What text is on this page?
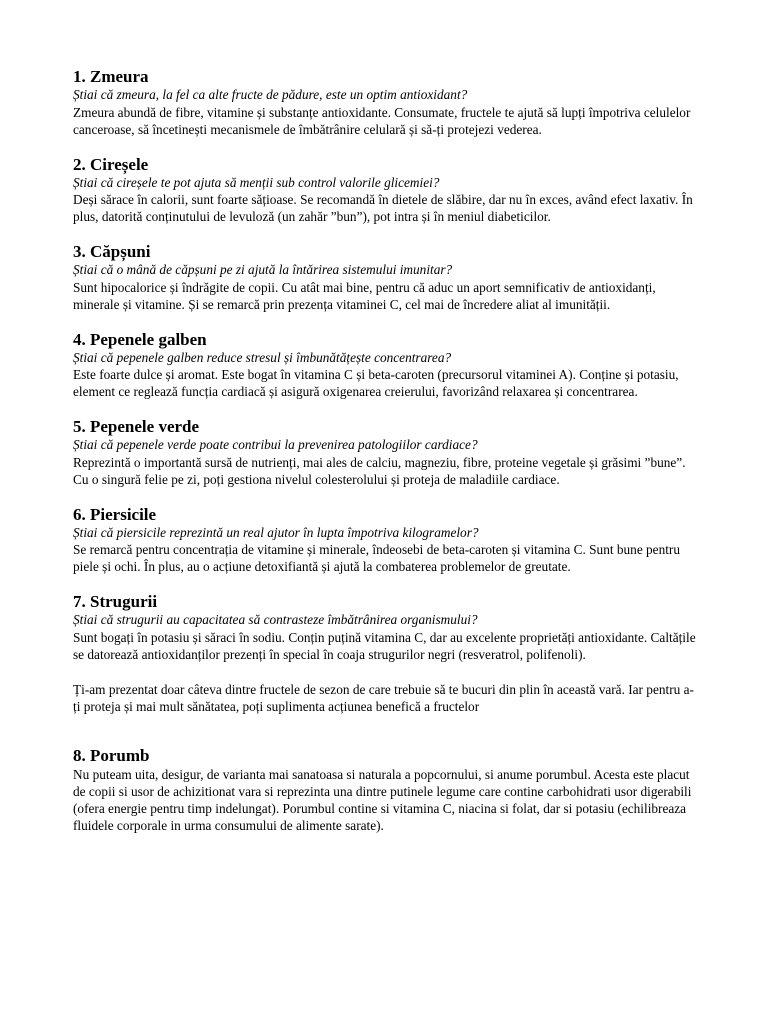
1. Zmeura

Știai că zmeura, la fel ca alte fructe de pădure, este un optim antioxidant?

Zmeura abundă de fibre, vitamine și substanțe antioxidante. Consumate, fructele te ajută să lupți împotriva celulelor canceroase, să încetinești mecanismele de îmbătrânire celulară și să-ți protejezi vederea.

2. Cireșele

Știai că cireșele te pot ajuta să menții sub control valorile glicemiei?

Deși sărace în calorii, sunt foarte sățioase. Se recomandă în dietele de slăbire, dar nu în exces, având efect laxativ. În plus, datorită conținutului de levuloză (un zahăr ”bun”), pot intra și în meniul diabeticilor.

3. Căpșuni

Știai că o mână de căpșuni pe zi ajută la întărirea sistemului imunitar?

Sunt hipocalorice și îndrăgite de copii. Cu atât mai bine, pentru că aduc un aport semnificativ de antioxidanți, minerale și vitamine. Și se remarcă prin prezența vitaminei C, cel mai de încredere aliat al imunității.

4. Pepenele galben

Știai că pepenele galben reduce stresul și îmbunătățește concentrarea?

Este foarte dulce și aromat. Este bogat în vitamina C și beta-caroten (precursorul vitaminei A). Conține și potasiu, element ce reglează funcția cardiacă și asigură oxigenarea creierului, favorizând relaxarea și concentrarea.

5. Pepenele verde

Știai că pepenele verde poate contribui la prevenirea patologiilor cardiace?

Reprezintă o importantă sursă de nutrienți, mai ales de calciu, magneziu, fibre, proteine vegetale și grăsimi ”bune”. Cu o singură felie pe zi, poți gestiona nivelul colesterolului și proteja de maladiile cardiace.

6. Piersicile

Știai că piersicile reprezintă un real ajutor în lupta împotriva kilogramelor?

Se remarcă pentru concentrația de vitamine și minerale, îndeosebi de beta-caroten și vitamina C. Sunt bune pentru piele și ochi. În plus, au o acțiune detoxifiantă și ajută la combaterea problemelor de greutate.

7. Strugurii

Știai că strugurii au capacitatea să contrasteze îmbătrânirea organismului?

Sunt bogați în potasiu și săraci în sodiu. Conțin puțină vitamina C, dar au excelente proprietăți antioxidante. Caltățile se datorează antioxidanților prezenți în special în coaja strugurilor negri (resveratrol, polifenoli).

Ți-am prezentat doar câteva dintre fructele de sezon de care trebuie să te bucuri din plin în această vară. Iar pentru a-ți proteja și mai mult sănătatea, poți suplimenta acțiunea benefică a fructelor

8. Porumb

Nu puteam uita, desigur, de varianta mai sanatoasa si naturala a popcornului, si anume porumbul. Acesta este placut de copii si usor de achizitionat vara si reprezinta una dintre putinele legume care contine carbohidrati usor digerabili (ofera energie pentru timp indelungat). Porumbul contine si vitamina C, niacina si folat, dar si potasiu (echilibreaza fluidele corporale in urma consumului de alimente sarate).
